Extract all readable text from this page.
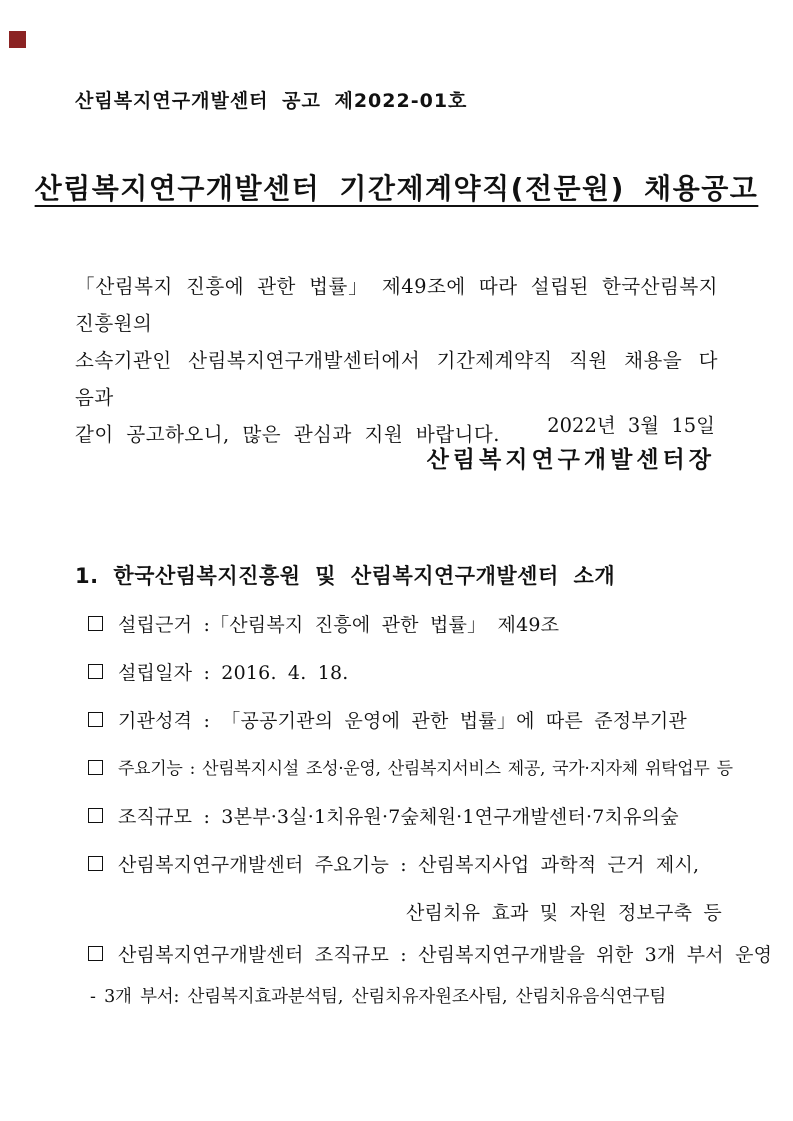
산림복지연구개발센터 공고 제2022-01호
산림복지연구개발센터 기간제계약직(전문원) 채용공고
「산림복지 진흥에 관한 법률」 제49조에 따라 설립된 한국산림복지진흥원의
소속기관인 산림복지연구개발센터에서 기간제계약직 직원 채용을 다음과
같이 공고하오니, 많은 관심과 지원 바랍니다.	2022년 3월 15일
산림복지연구개발센터장
1. 한국산림복지진흥원 및 산림복지연구개발센터 소개
설립근거 :「산림복지 진흥에 관한 법률」 제49조
설립일자 : 2016. 4. 18.
기관성격 : 「공공기관의 운영에 관한 법률」에 따른 준정부기관
주요기능 : 산림복지시설 조성·운영, 산림복지서비스 제공, 국가·지자체 위탁업무 등
조직규모 : 3본부·3실·1치유원·7숲체원·1연구개발센터·7치유의숲
산림복지연구개발센터 주요기능 : 산림복지사업 과학적 근거 제시,
산림치유 효과 및 자원 정보구축 등
산림복지연구개발센터 조직규모 : 산림복지연구개발을 위한 3개 부서 운영
- 3개 부서: 산림복지효과분석팀, 산림치유자원조사팀, 산림치유음식연구팀
